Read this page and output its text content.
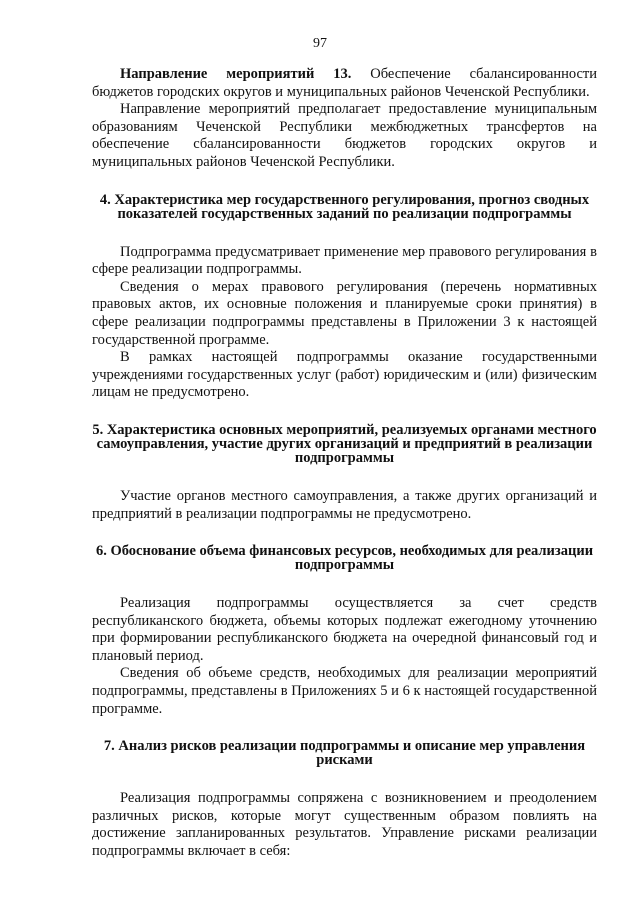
97

Направление мероприятий 13. Обеспечение сбалансированности бюджетов городских округов и муниципальных районов Чеченской Республики.

Направление мероприятий предполагает предоставление муниципальным образованиям Чеченской Республики межбюджетных трансфертов на обеспечение сбалансированности бюджетов городских округов и муниципальных районов Чеченской Республики.

4. Характеристика мер государственного регулирования, прогноз сводных показателей государственных заданий по реализации подпрограммы

Подпрограмма предусматривает применение мер правового регулирования в сфере реализации подпрограммы.

Сведения о мерах правового регулирования (перечень нормативных правовых актов, их основные положения и планируемые сроки принятия) в сфере реализации подпрограммы представлены в Приложении 3 к настоящей государственной программе.

В рамках настоящей подпрограммы оказание государственными учреждениями государственных услуг (работ) юридическим и (или) физическим лицам не предусмотрено.

5. Характеристика основных мероприятий, реализуемых органами местного самоуправления, участие других организаций и предприятий в реализации подпрограммы

Участие органов местного самоуправления, а также других организаций и предприятий в реализации подпрограммы не предусмотрено.

6. Обоснование объема финансовых ресурсов, необходимых для реализации подпрограммы

Реализация подпрограммы осуществляется за счет средств республиканского бюджета, объемы которых подлежат ежегодному уточнению при формировании республиканского бюджета на очередной финансовый год и плановый период.

Сведения об объеме средств, необходимых для реализации мероприятий подпрограммы, представлены в Приложениях 5 и 6 к настоящей государственной программе.

7. Анализ рисков реализации подпрограммы и описание мер управления рисками

Реализация подпрограммы сопряжена с возникновением и преодолением различных рисков, которые могут существенным образом повлиять на достижение запланированных результатов. Управление рисками реализации подпрограммы включает в себя:
